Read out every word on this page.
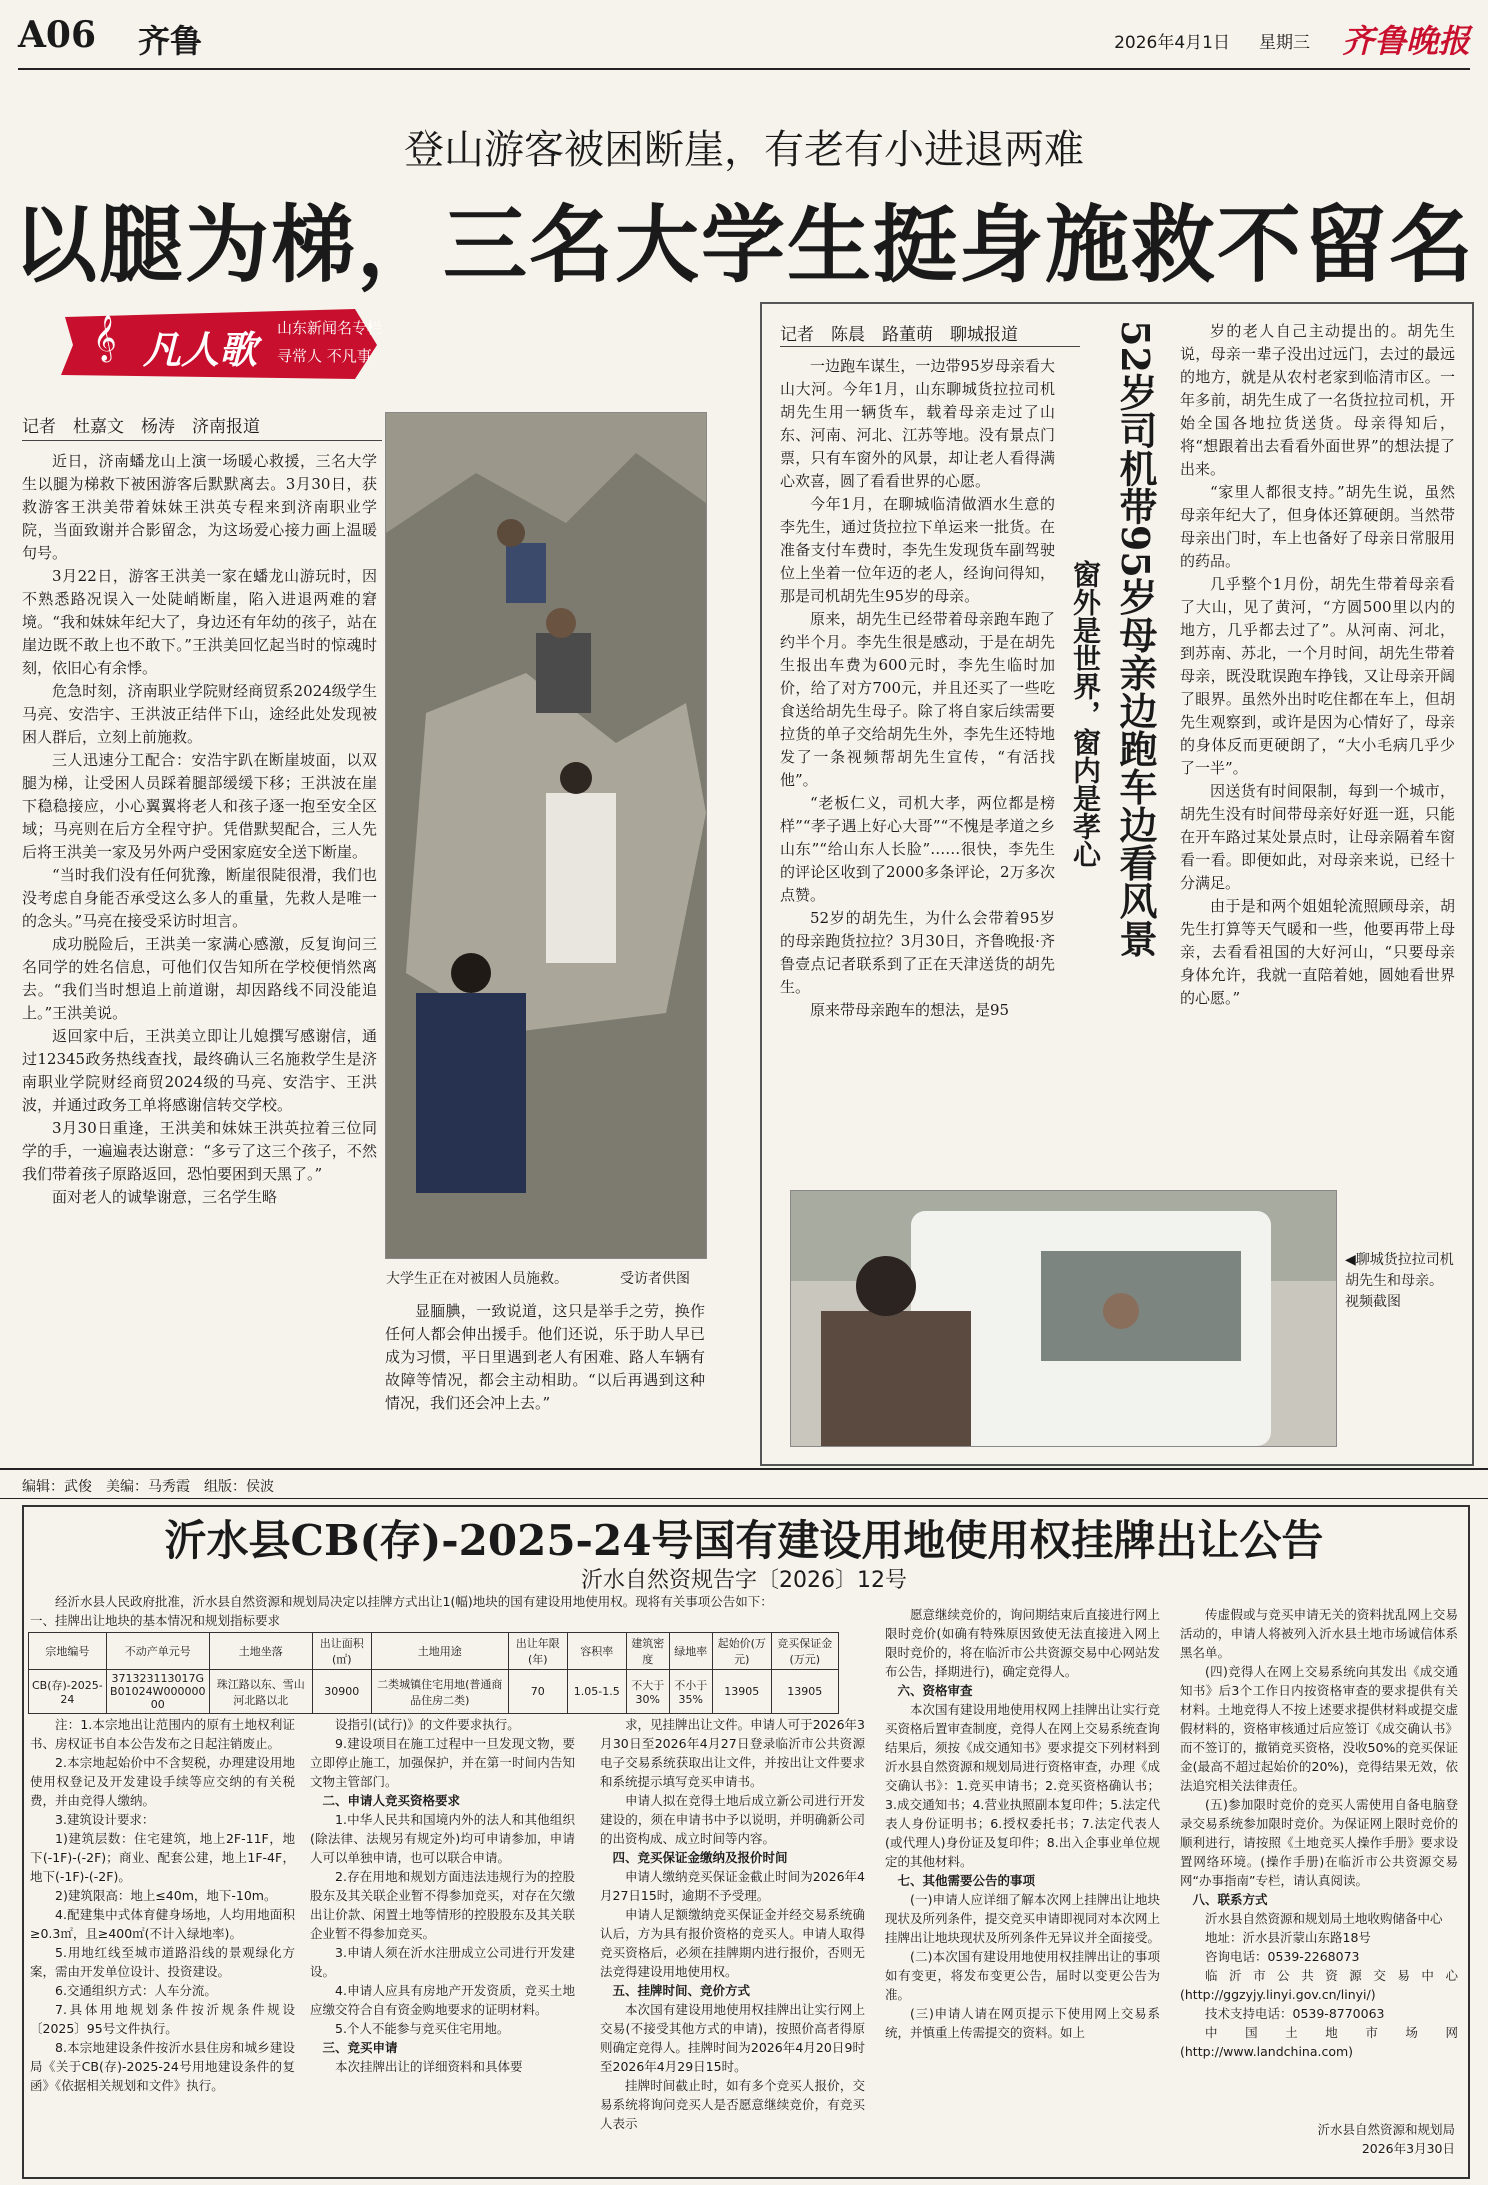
A06 齐鲁	2026年4月1日 星期三 齐鲁晚报
登山游客被困断崖，有老有小进退两难
以腿为梯，三名大学生挺身施救不留名
𝄞 凡人歌 山东新闻名专栏
寻常人 不凡事
记者　杜嘉文　杨涛　济南报道

近日，济南蟠龙山上演一场暖心救援，三名大学生以腿为梯救下被困游客后默默离去。3月30日，获救游客王洪美带着妹妹王洪英专程来到济南职业学院，当面致谢并合影留念，为这场爱心接力画上温暖句号。

3月22日，游客王洪美一家在蟠龙山游玩时，因不熟悉路况误入一处陡峭断崖，陷入进退两难的窘境。“我和妹妹年纪大了，身边还有年幼的孩子，站在崖边既不敢上也不敢下。”王洪美回忆起当时的惊魂时刻，依旧心有余悸。

危急时刻，济南职业学院财经商贸系2024级学生马亮、安浩宇、王洪波正结伴下山，途经此处发现被困人群后，立刻上前施救。

三人迅速分工配合：安浩宇趴在断崖坡面，以双腿为梯，让受困人员踩着腿部缓缓下移；王洪波在崖下稳稳接应，小心翼翼将老人和孩子逐一抱至安全区域；马亮则在后方全程守护。凭借默契配合，三人先后将王洪美一家及另外两户受困家庭安全送下断崖。

“当时我们没有任何犹豫，断崖很陡很滑，我们也没考虑自身能否承受这么多人的重量，先救人是唯一的念头。”马亮在接受采访时坦言。

成功脱险后，王洪美一家满心感激，反复询问三名同学的姓名信息，可他们仅告知所在学校便悄然离去。“我们当时想追上前道谢，却因路线不同没能追上。”王洪美说。

返回家中后，王洪美立即让儿媳撰写感谢信，通过12345政务热线查找，最终确认三名施救学生是济南职业学院财经商贸2024级的马亮、安浩宇、王洪波，并通过政务工单将感谢信转交学校。

3月30日重逢，王洪美和妹妹王洪英拉着三位同学的手，一遍遍表达谢意：“多亏了这三个孩子，不然我们带着孩子原路返回，恐怕要困到天黑了。”

面对老人的诚挚谢意，三名学生略

大学生正在对被困人员施救。	受访者供图

显腼腆，一致说道，这只是举手之劳，换作任何人都会伸出援手。他们还说，乐于助人早已成为习惯，平日里遇到老人有困难、路人车辆有故障等情况，都会主动相助。“以后再遇到这种情况，我们还会冲上去。”

记者　陈晨　路董萌　聊城报道

一边跑车谋生，一边带95岁母亲看大山大河。今年1月，山东聊城货拉拉司机胡先生用一辆货车，载着母亲走过了山东、河南、河北、江苏等地。没有景点门票，只有车窗外的风景，却让老人看得满心欢喜，圆了看看世界的心愿。

今年1月，在聊城临清做酒水生意的李先生，通过货拉拉下单运来一批货。在准备支付车费时，李先生发现货车副驾驶位上坐着一位年迈的老人，经询问得知，那是司机胡先生95岁的母亲。

原来，胡先生已经带着母亲跑车跑了约半个月。李先生很是感动，于是在胡先生报出车费为600元时，李先生临时加价，给了对方700元，并且还买了一些吃食送给胡先生母子。除了将自家后续需要拉货的单子交给胡先生外，李先生还特地发了一条视频帮胡先生宣传，“有活找他”。

“老板仁义，司机大孝，两位都是榜样”“孝子遇上好心大哥”“不愧是孝道之乡山东”“给山东人长脸”……很快，李先生的评论区收到了2000多条评论，2万多次点赞。

52岁的胡先生，为什么会带着95岁的母亲跑货拉拉？3月30日，齐鲁晚报·齐鲁壹点记者联系到了正在天津送货的胡先生。

原来带母亲跑车的想法，是95

52岁司机带95岁母亲边跑车边看风景
窗外是世界，窗内是孝心

岁的老人自己主动提出的。胡先生说，母亲一辈子没出过远门，去过的最远的地方，就是从农村老家到临清市区。一年多前，胡先生成了一名货拉拉司机，开始全国各地拉货送货。母亲得知后，将“想跟着出去看看外面世界”的想法提了出来。

“家里人都很支持。”胡先生说，虽然母亲年纪大了，但身体还算硬朗。当然带母亲出门时，车上也备好了母亲日常服用的药品。

几乎整个1月份，胡先生带着母亲看了大山，见了黄河，“方圆500里以内的地方，几乎都去过了”。从河南、河北，到苏南、苏北，一个月时间，胡先生带着母亲，既没耽误跑车挣钱，又让母亲开阔了眼界。虽然外出时吃住都在车上，但胡先生观察到，或许是因为心情好了，母亲的身体反而更硬朗了，“大小毛病几乎少了一半”。

因送货有时间限制，每到一个城市，胡先生没有时间带母亲好好逛一逛，只能在开车路过某处景点时，让母亲隔着车窗看一看。即便如此，对母亲来说，已经十分满足。

由于是和两个姐姐轮流照顾母亲，胡先生打算等天气暖和一些，他要再带上母亲，去看看祖国的大好河山，“只要母亲身体允许，我就一直陪着她，圆她看世界的心愿。”

◀聊城货拉拉司机胡先生和母亲。
视频截图
编辑：武俊　美编：马秀霞　组版：侯波
沂水县CB(存)-2025-24号国有建设用地使用权挂牌出让公告
沂水自然资规告字〔2026〕12号

经沂水县人民政府批准，沂水县自然资源和规划局决定以挂牌方式出让1(幅)地块的国有建设用地使用权。现将有关事项公告如下：

一、挂牌出让地块的基本情况和规划指标要求
宗地编号	不动产单元号	土地坐落	出让面积(㎡)	土地用途	出让年限(年)	容积率	建筑密度	绿地率	起始价(万元)	竞买保证金(万元)
CB(存)-2025-24	371323113017GB01024W00000000	珠江路以东、雪山河北路以北	30900	二类城镇住宅用地(普通商品住房二类)	70	1.05-1.5	不大于30%	不小于35%	13905	13905

注：1.本宗地出让范围内的原有土地权利证书、房权证书自本公告发布之日起注销废止。

2.本宗地起始价中不含契税，办理建设用地使用权登记及开发建设手续等应交纳的有关税费，并由竞得人缴纳。

3.建筑设计要求：

1)建筑层数：住宅建筑，地上2F-11F，地下(-1F)-(-2F)；商业、配套公建，地上1F-4F，地下(-1F)-(-2F)。

2)建筑限高：地上≤40m，地下-10m。

4.配建集中式体育健身场地，人均用地面积≥0.3㎡，且≥400㎡(不计入绿地率)。

5.用地红线至城市道路沿线的景观绿化方案，需由开发单位设计、投资建设。

6.交通组织方式：人车分流。

7.具体用地规划条件按沂规条件规设〔2025〕95号文件执行。

8.本宗地建设条件按沂水县住房和城乡建设局《关于CB(存)-2025-24号用地建设条件的复函》《依据相关规划和文件》执行。

设指引(试行)》的文件要求执行。

9.建设项目在施工过程中一旦发现文物，要立即停止施工，加强保护，并在第一时间内告知文物主管部门。

二、申请人竞买资格要求

1.中华人民共和国境内外的法人和其他组织(除法律、法规另有规定外)均可申请参加，申请人可以单独申请，也可以联合申请。

2.存在用地和规划方面违法违规行为的控股股东及其关联企业暂不得参加竞买，对存在欠缴出让价款、闲置土地等情形的控股股东及其关联企业暂不得参加竞买。

3.申请人须在沂水注册成立公司进行开发建设。

4.申请人应具有房地产开发资质，竞买土地应缴交符合自有资金购地要求的证明材料。

5.个人不能参与竞买住宅用地。

三、竞买申请

本次挂牌出让的详细资料和具体要

求，见挂牌出让文件。申请人可于2026年3月30日至2026年4月27日登录临沂市公共资源电子交易系统获取出让文件，并按出让文件要求和系统提示填写竞买申请书。

申请人拟在竞得土地后成立新公司进行开发建设的，须在申请书中予以说明，并明确新公司的出资构成、成立时间等内容。

四、竞买保证金缴纳及报价时间

申请人缴纳竞买保证金截止时间为2026年4月27日15时，逾期不予受理。

申请人足额缴纳竞买保证金并经交易系统确认后，方为具有报价资格的竞买人。申请人取得竞买资格后，必须在挂牌期内进行报价，否则无法竞得建设用地使用权。

五、挂牌时间、竞价方式

本次国有建设用地使用权挂牌出让实行网上交易(不接受其他方式的申请)，按照价高者得原则确定竞得人。挂牌时间为2026年4月20日9时至2026年4月29日15时。

挂牌时间截止时，如有多个竞买人报价，交易系统将询问竞买人是否愿意继续竞价，有竞买人表示

愿意继续竞价的，询问期结束后直接进行网上限时竞价(如确有特殊原因致使无法直接进入网上限时竞价的，将在临沂市公共资源交易中心网站发布公告，择期进行)，确定竞得人。

六、资格审查

本次国有建设用地使用权网上挂牌出让实行竞买资格后置审查制度，竞得人在网上交易系统查询结果后，须按《成交通知书》要求提交下列材料到沂水县自然资源和规划局进行资格审查，办理《成交确认书》：1.竞买申请书；2.竞买资格确认书；3.成交通知书；4.营业执照副本复印件；5.法定代表人身份证明书；6.授权委托书；7.法定代表人(或代理人)身份证及复印件；8.出入企事业单位规定的其他材料。

七、其他需要公告的事项

(一)申请人应详细了解本次网上挂牌出让地块现状及所列条件，提交竞买申请即视同对本次网上挂牌出让地块现状及所列条件无异议并全面接受。

(二)本次国有建设用地使用权挂牌出让的事项如有变更，将发布变更公告，届时以变更公告为准。

(三)申请人请在网页提示下使用网上交易系统，并慎重上传需提交的资料。如上

传虚假或与竞买申请无关的资料扰乱网上交易活动的，申请人将被列入沂水县土地市场诚信体系黑名单。

(四)竞得人在网上交易系统向其发出《成交通知书》后3个工作日内按资格审查的要求提供有关材料。土地竞得人不按上述要求提供材料或提交虚假材料的，资格审核通过后应签订《成交确认书》而不签订的，撤销竞买资格，没收50%的竞买保证金(最高不超过起始价的20%)，竞得结果无效，依法追究相关法律责任。

(五)参加限时竞价的竞买人需使用自备电脑登录交易系统参加限时竞价。为保证网上限时竞价的顺利进行，请按照《土地竞买人操作手册》要求设置网络环境。(操作手册)在临沂市公共资源交易网“办事指南”专栏，请认真阅读。

八、联系方式

沂水县自然资源和规划局土地收购储备中心

地址：沂水县沂蒙山东路18号

咨询电话：0539-2268073

临沂市公共资源交易中心(http://ggzyjy.linyi.gov.cn/linyi/)

技术支持电话：0539-8770063

中国土地市场网(http://www.landchina.com)

沂水县自然资源和规划局
2026年3月30日
